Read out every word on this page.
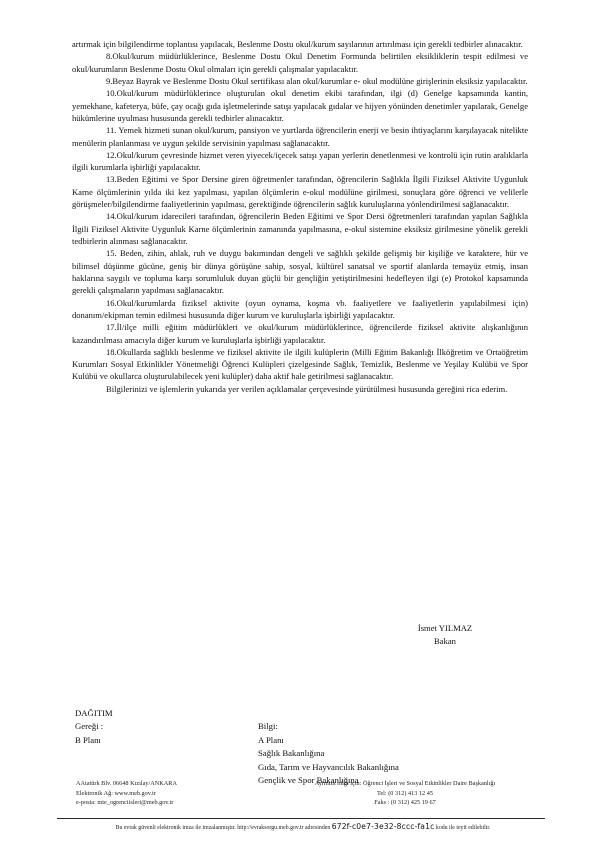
artırmak için bilgilendirme toplantısı yapılacak, Beslenme Dostu okul/kurum sayılarının artırılması için gerekli tedbirler alınacaktır.

8.Okul/kurum müdürlüklerince, Beslenme Dostu Okul Denetim Formunda belirtilen eksikliklerin tespit edilmesi ve okul/kurumların Beslenme Dostu Okul olmaları için gerekli çalışmalar yapılacaktır.

9.Beyaz Bayrak ve Beslenme Dostu Okul sertifikası alan okul/kurumlar e- okul modülüne girişlerinin eksiksiz yapılacaktır.

10.Okul/kurum müdürlüklerince oluşturulan okul denetim ekibi tarafından, ilgi (d) Genelge kapsamında kantin, yemekhane, kafeterya, büfe, çay ocağı gıda işletmelerinde satışı yapılacak gıdalar ve hijyen yönünden denetimler yapılarak, Genelge hükümlerine uyulması hususunda gerekli tedbirler alınacaktır.

11. Yemek hizmeti sunan okul/kurum, pansiyon ve yurtlarda öğrencilerin enerji ve besin ihtiyaçlarını karşılayacak nitelikte menülerin planlanması ve uygun şekilde servisinin yapılması sağlanacaktır.

12.Okul/kurum çevresinde hizmet veren yiyecek/içecek satışı yapan yerlerin denetlenmesi ve kontrolü için rutin aralıklarla ilgili kurumlarla işbirliği yapılacaktır.

13.Beden Eğitimi ve Spor Dersine giren öğretmenler tarafından, öğrencilerin Sağlıkla İlgili Fiziksel Aktivite Uygunluk Karne ölçümlerinin yılda iki kez yapılması, yapılan ölçümlerin e-okul modülüne girilmesi, sonuçlara göre öğrenci ve velilerle görüşmeler/bilgilendirme faaliyetlerinin yapılması, gerektiğinde öğrencilerin sağlık kuruluşlarına yönlendirilmesi sağlanacaktır.

14.Okul/kurum idarecileri tarafından, öğrencilerin Beden Eğitimi ve Spor Dersi öğretmenleri tarafından yapılan Sağlıkla İlgili Fiziksel Aktivite Uygunluk Karne ölçümlerinin zamanında yapılmasına, e-okul sistemine eksiksiz girilmesine yönelik gerekli tedbirlerin alınması sağlanacaktır.

15. Beden, zihin, ahlak, ruh ve duygu bakımından dengeli ve sağlıklı şekilde gelişmiş bir kişiliğe ve karaktere, hür ve bilimsel düşünme gücüne, geniş bir dünya görüşüne sahip, sosyal, kültürel sanatsal ve sportif alanlarda temayüz etmiş, insan haklarına saygılı ve topluma karşı sorumluluk duyan güçlü bir gençliğin yetiştirilmesini hedefleyen ilgi (e) Protokol kapsamında gerekli çalışmaların yapılması sağlanacaktır.

16.Okul/kurumlarda fiziksel aktivite (oyun oynama, koşma vb. faaliyetlere ve faaliyetlerin yapılabilmesi için) donanım/ekipman temin edilmesi hususunda diğer kurum ve kuruluşlarla işbirliği yapılacaktır.

17.İl/ilçe milli eğitim müdürlükleri ve okul/kurum müdürlüklerince, öğrencilerde fiziksel aktivite alışkanlığının kazandırılması amacıyla diğer kurum ve kuruluşlarla işbirliği yapılacaktır.

18.Okullarda sağlıklı beslenme ve fiziksel aktivite ile ilgili kulüplerin (Milli Eğitim Bakanlığı İlköğretim ve Ortaöğretim Kurumları Sosyal Etkinlikler Yönetmeliği Öğrenci Kulüpleri çizelgesinde Sağlık, Temizlik, Beslenme ve Yeşilay Kulübü ve Spor Kulübü ve okullarca oluşturulabilecek yeni kulüpler) daha aktif hale getirilmesi sağlanacaktır.

Bilgilerinizi ve işlemlerin yukarıda yer verilen açıklamalar çerçevesinde yürütülmesi hususunda gereğini rica ederim.

İsmet YILMAZ
Bakan
DAĞITIM
Gereği :
B Planı
Bilgi:
A Planı
Sağlık Bakanlığına
Gıda, Tarım ve Hayvancılık Bakanlığına
Gençlik ve Spor Bakanlığına
AAtatürk Blv. 06648 Kızılay/ANKARA
Elektronik Ağ: www.meb.gov.tr
e-posta: mte_ogrenciisleri@meb.gov.tr
Ayrıntılı bilgi için: Öğrenci İşleri ve Sosyal Etkinlikler Daire Başkanlığı
Tel: (0 312) 413 12 45
Faks : (0 312) 425 19 67
Bu evrak güvenli elektronik imza ile imzalanmıştır. http://evraksorgu.meb.gov.tr adresinden 672f-c0e7-3e32-8ccc-fa1c kodu ile teyit edilebilir.
